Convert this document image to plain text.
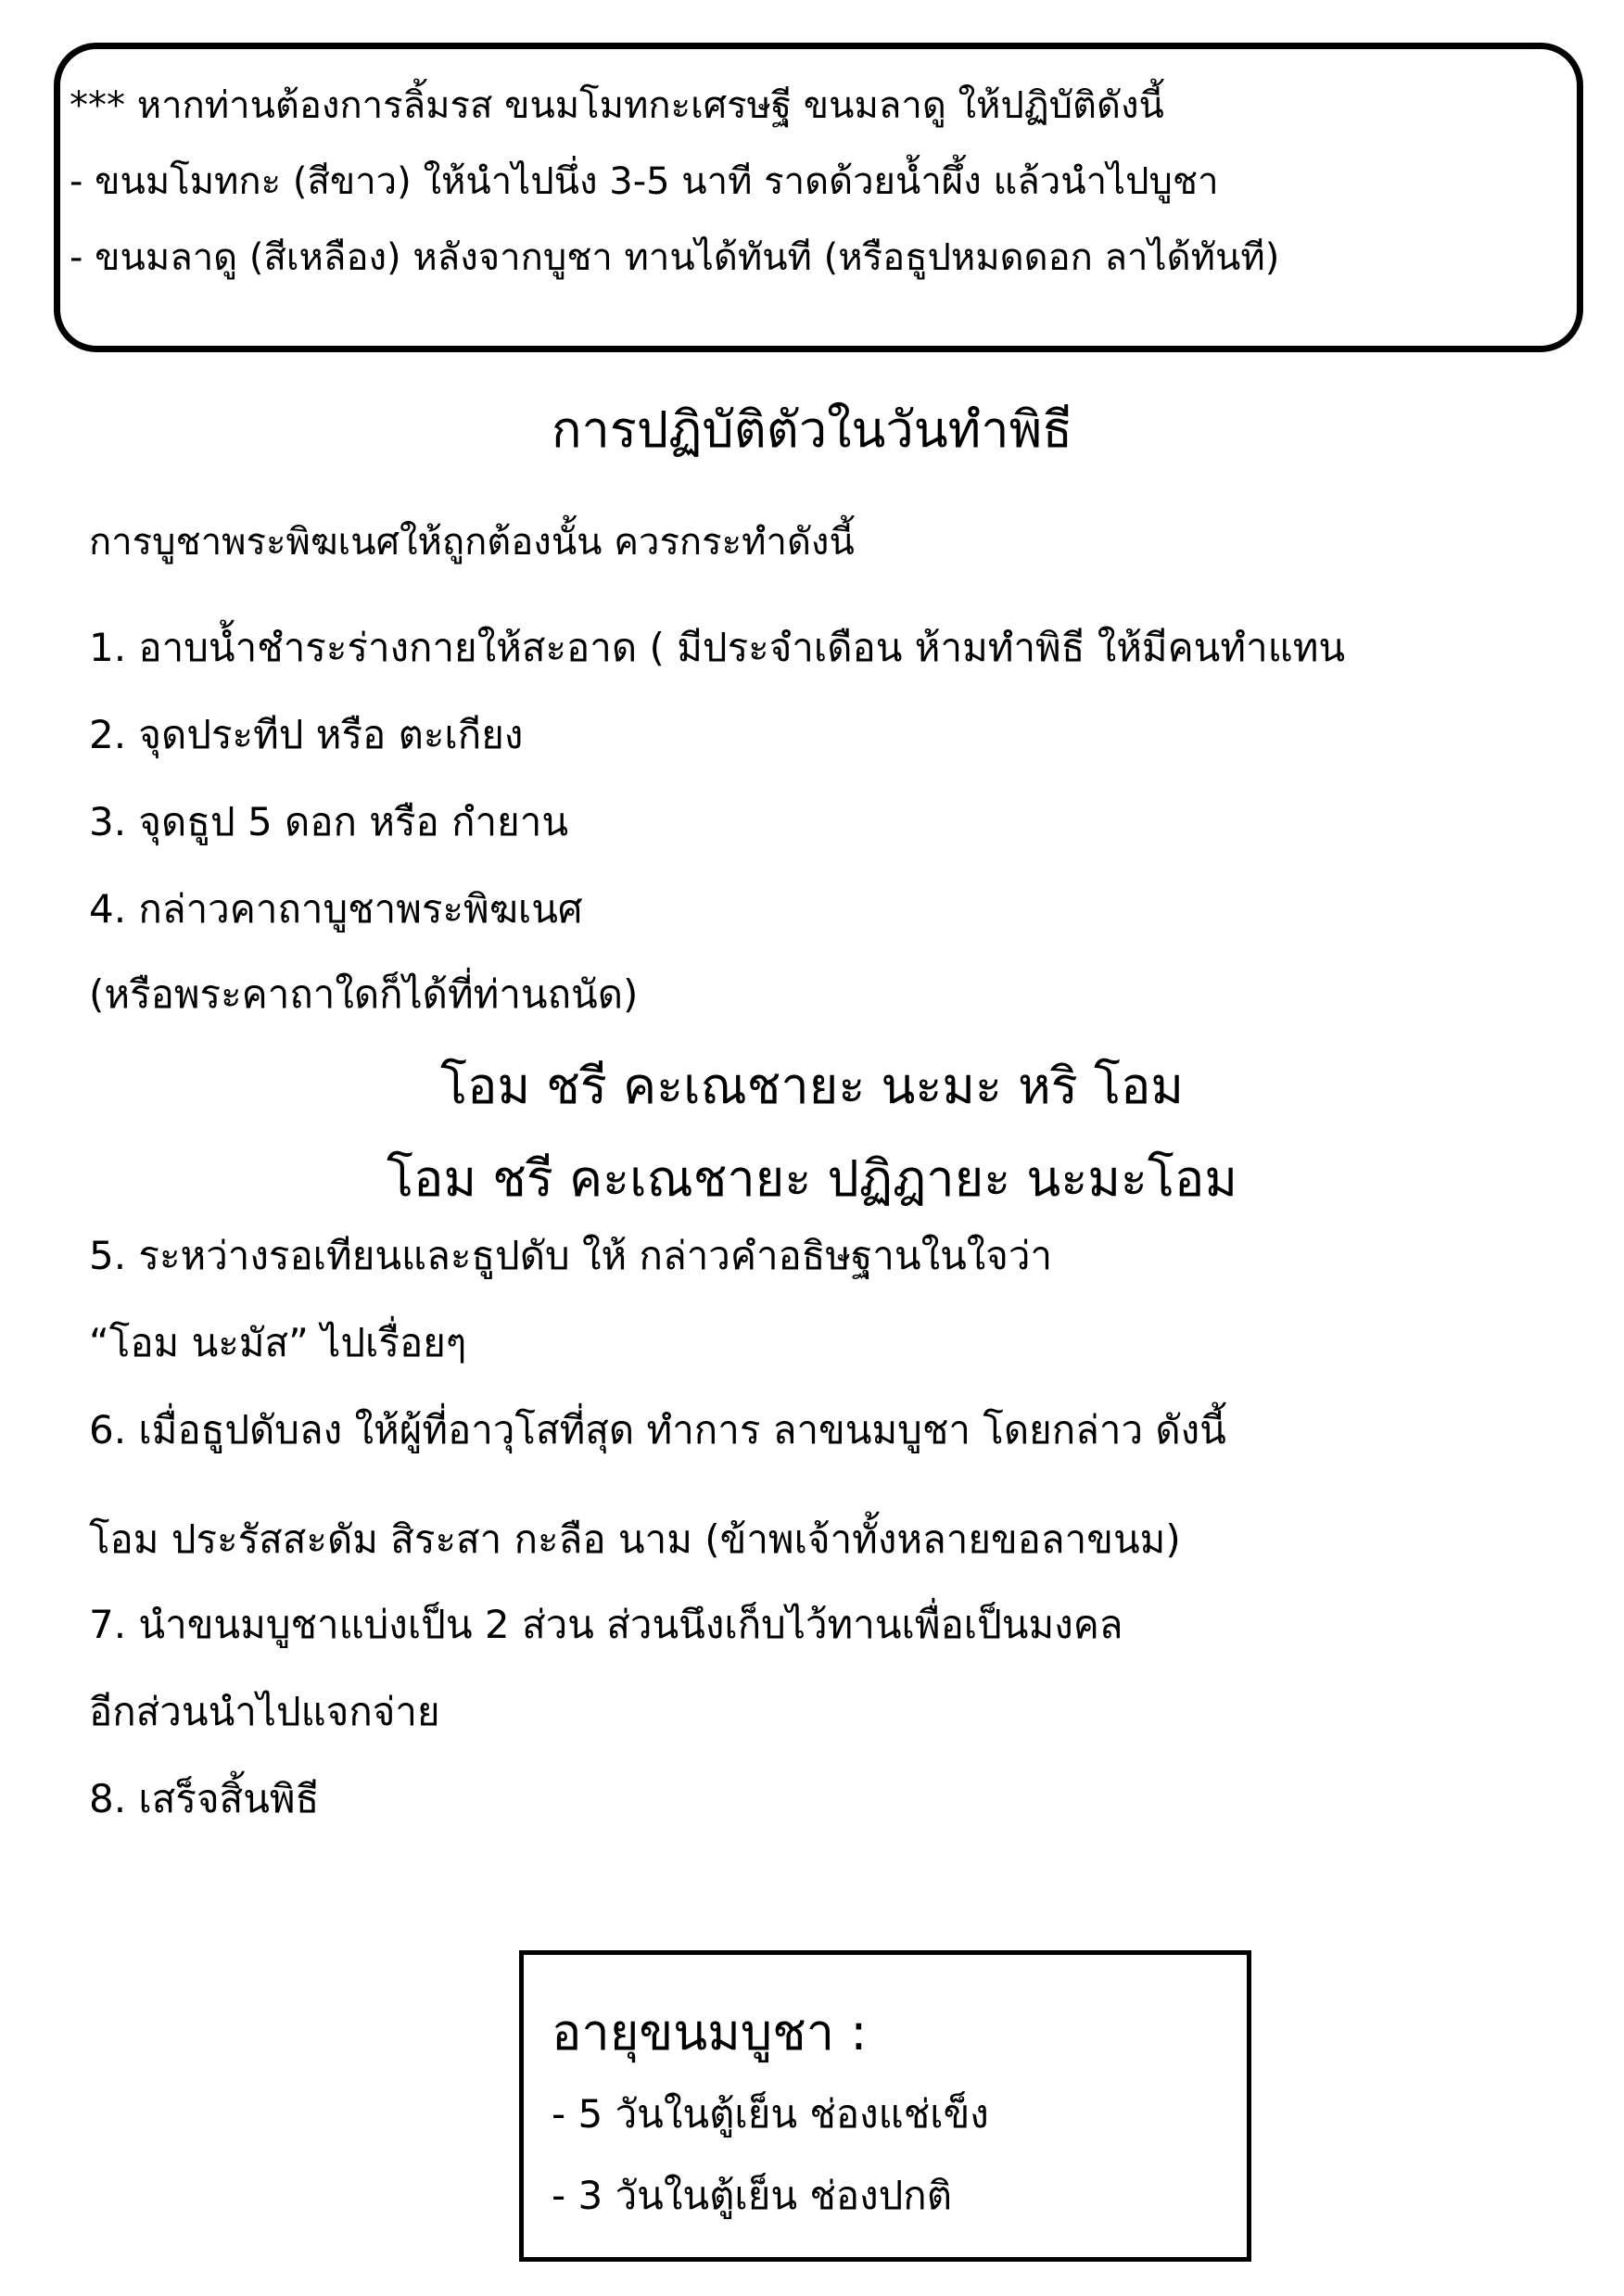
*** หากท่านต้องการลิ้มรส ขนมโมทกะเศรษฐี ขนมลาดู ให้ปฏิบัติดังนี้
- ขนมโมทกะ (สีขาว) ให้นำไปนึ่ง 3-5 นาที ราดด้วยน้ำผึ้ง แล้วนำไปบูชา
- ขนมลาดู (สีเหลือง) หลังจากบูชา ทานได้ทันที (หรือธูปหมดดอก ลาได้ทันที)
การปฏิบัติตัวในวันทำพิธี
การบูชาพระพิฆเนศให้ถูกต้องนั้น ควรกระทำดังนี้
1. อาบน้ำชำระร่างกายให้สะอาด ( มีประจำเดือน ห้ามทำพิธี ให้มีคนทำแทน
2. จุดประทีป หรือ ตะเกียง
3. จุดธูป 5 ดอก หรือ กำยาน
4. กล่าวคาถาบูชาพระพิฆเนศ
(หรือพระคาถาใดก็ได้ที่ท่านถนัด)
โอม ชรี คะเณชายะ นะมะ หริ โอม
โอม ชรี คะเณชายะ ปฏิฎายะ นะมะโอม
5. ระหว่างรอเทียนและธูปดับ ให้ กล่าวคำอธิษฐานในใจว่า
“โอม นะมัส” ไปเรื่อยๆ
6. เมื่อธูปดับลง ให้ผู้ที่อาวุโสที่สุด ทำการ ลาขนมบูชา โดยกล่าว ดังนี้
โอม ประรัสสะดัม สิระสา กะลือ นาม (ข้าพเจ้าทั้งหลายขอลาขนม)
7. นำขนมบูชาแบ่งเป็น 2 ส่วน ส่วนนึงเก็บไว้ทานเพื่อเป็นมงคล
อีกส่วนนำไปแจกจ่าย
8. เสร็จสิ้นพิธี
อายุขนมบูชา :
- 5 วันในตู้เย็น ช่องแช่เข็ง
- 3 วันในตู้เย็น ช่องปกติ
